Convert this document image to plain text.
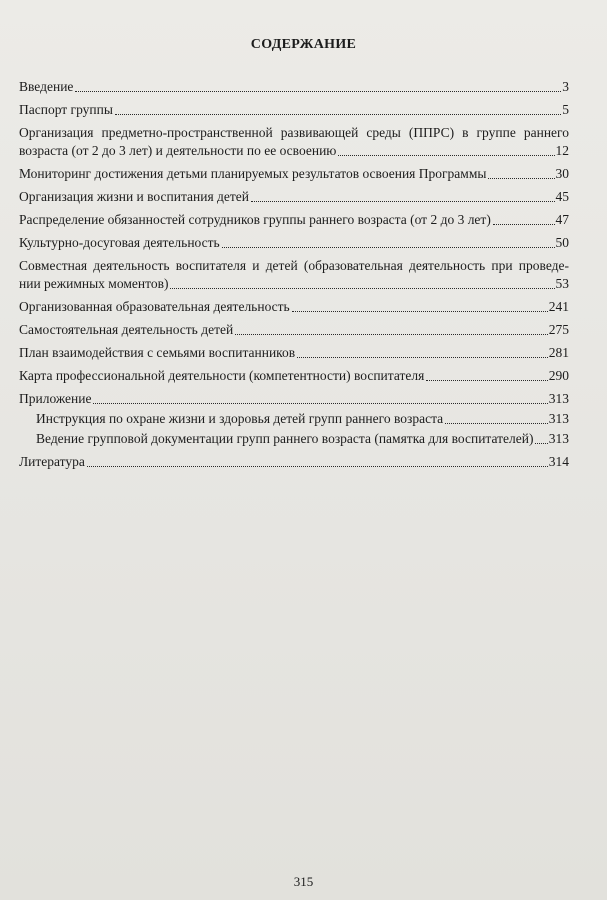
СОДЕРЖАНИЕ
Введение	3
Паспорт группы	5
Организация предметно-пространственной развивающей среды (ППРС) в группе раннего
возраста (от 2 до 3 лет) и деятельности по ее освоению	12
Мониторинг достижения детьми планируемых результатов освоения Программы	30
Организация жизни и воспитания детей	45
Распределение обязанностей сотрудников группы раннего возраста (от 2 до 3 лет)	47
Культурно-досуговая деятельность	50
Совместная деятельность воспитателя и детей (образовательная деятельность при проведе-
нии режимных моментов)	53
Организованная образовательная деятельность	241
Самостоятельная деятельность детей	275
План взаимодействия с семьями воспитанников	281
Карта профессиональной деятельности (компетентности) воспитателя	290
Приложение	313
Инструкция по охране жизни и здоровья детей групп раннего возраста	313
Ведение групповой документации групп раннего возраста (памятка для воспитателей) 313
Литература	314
315
